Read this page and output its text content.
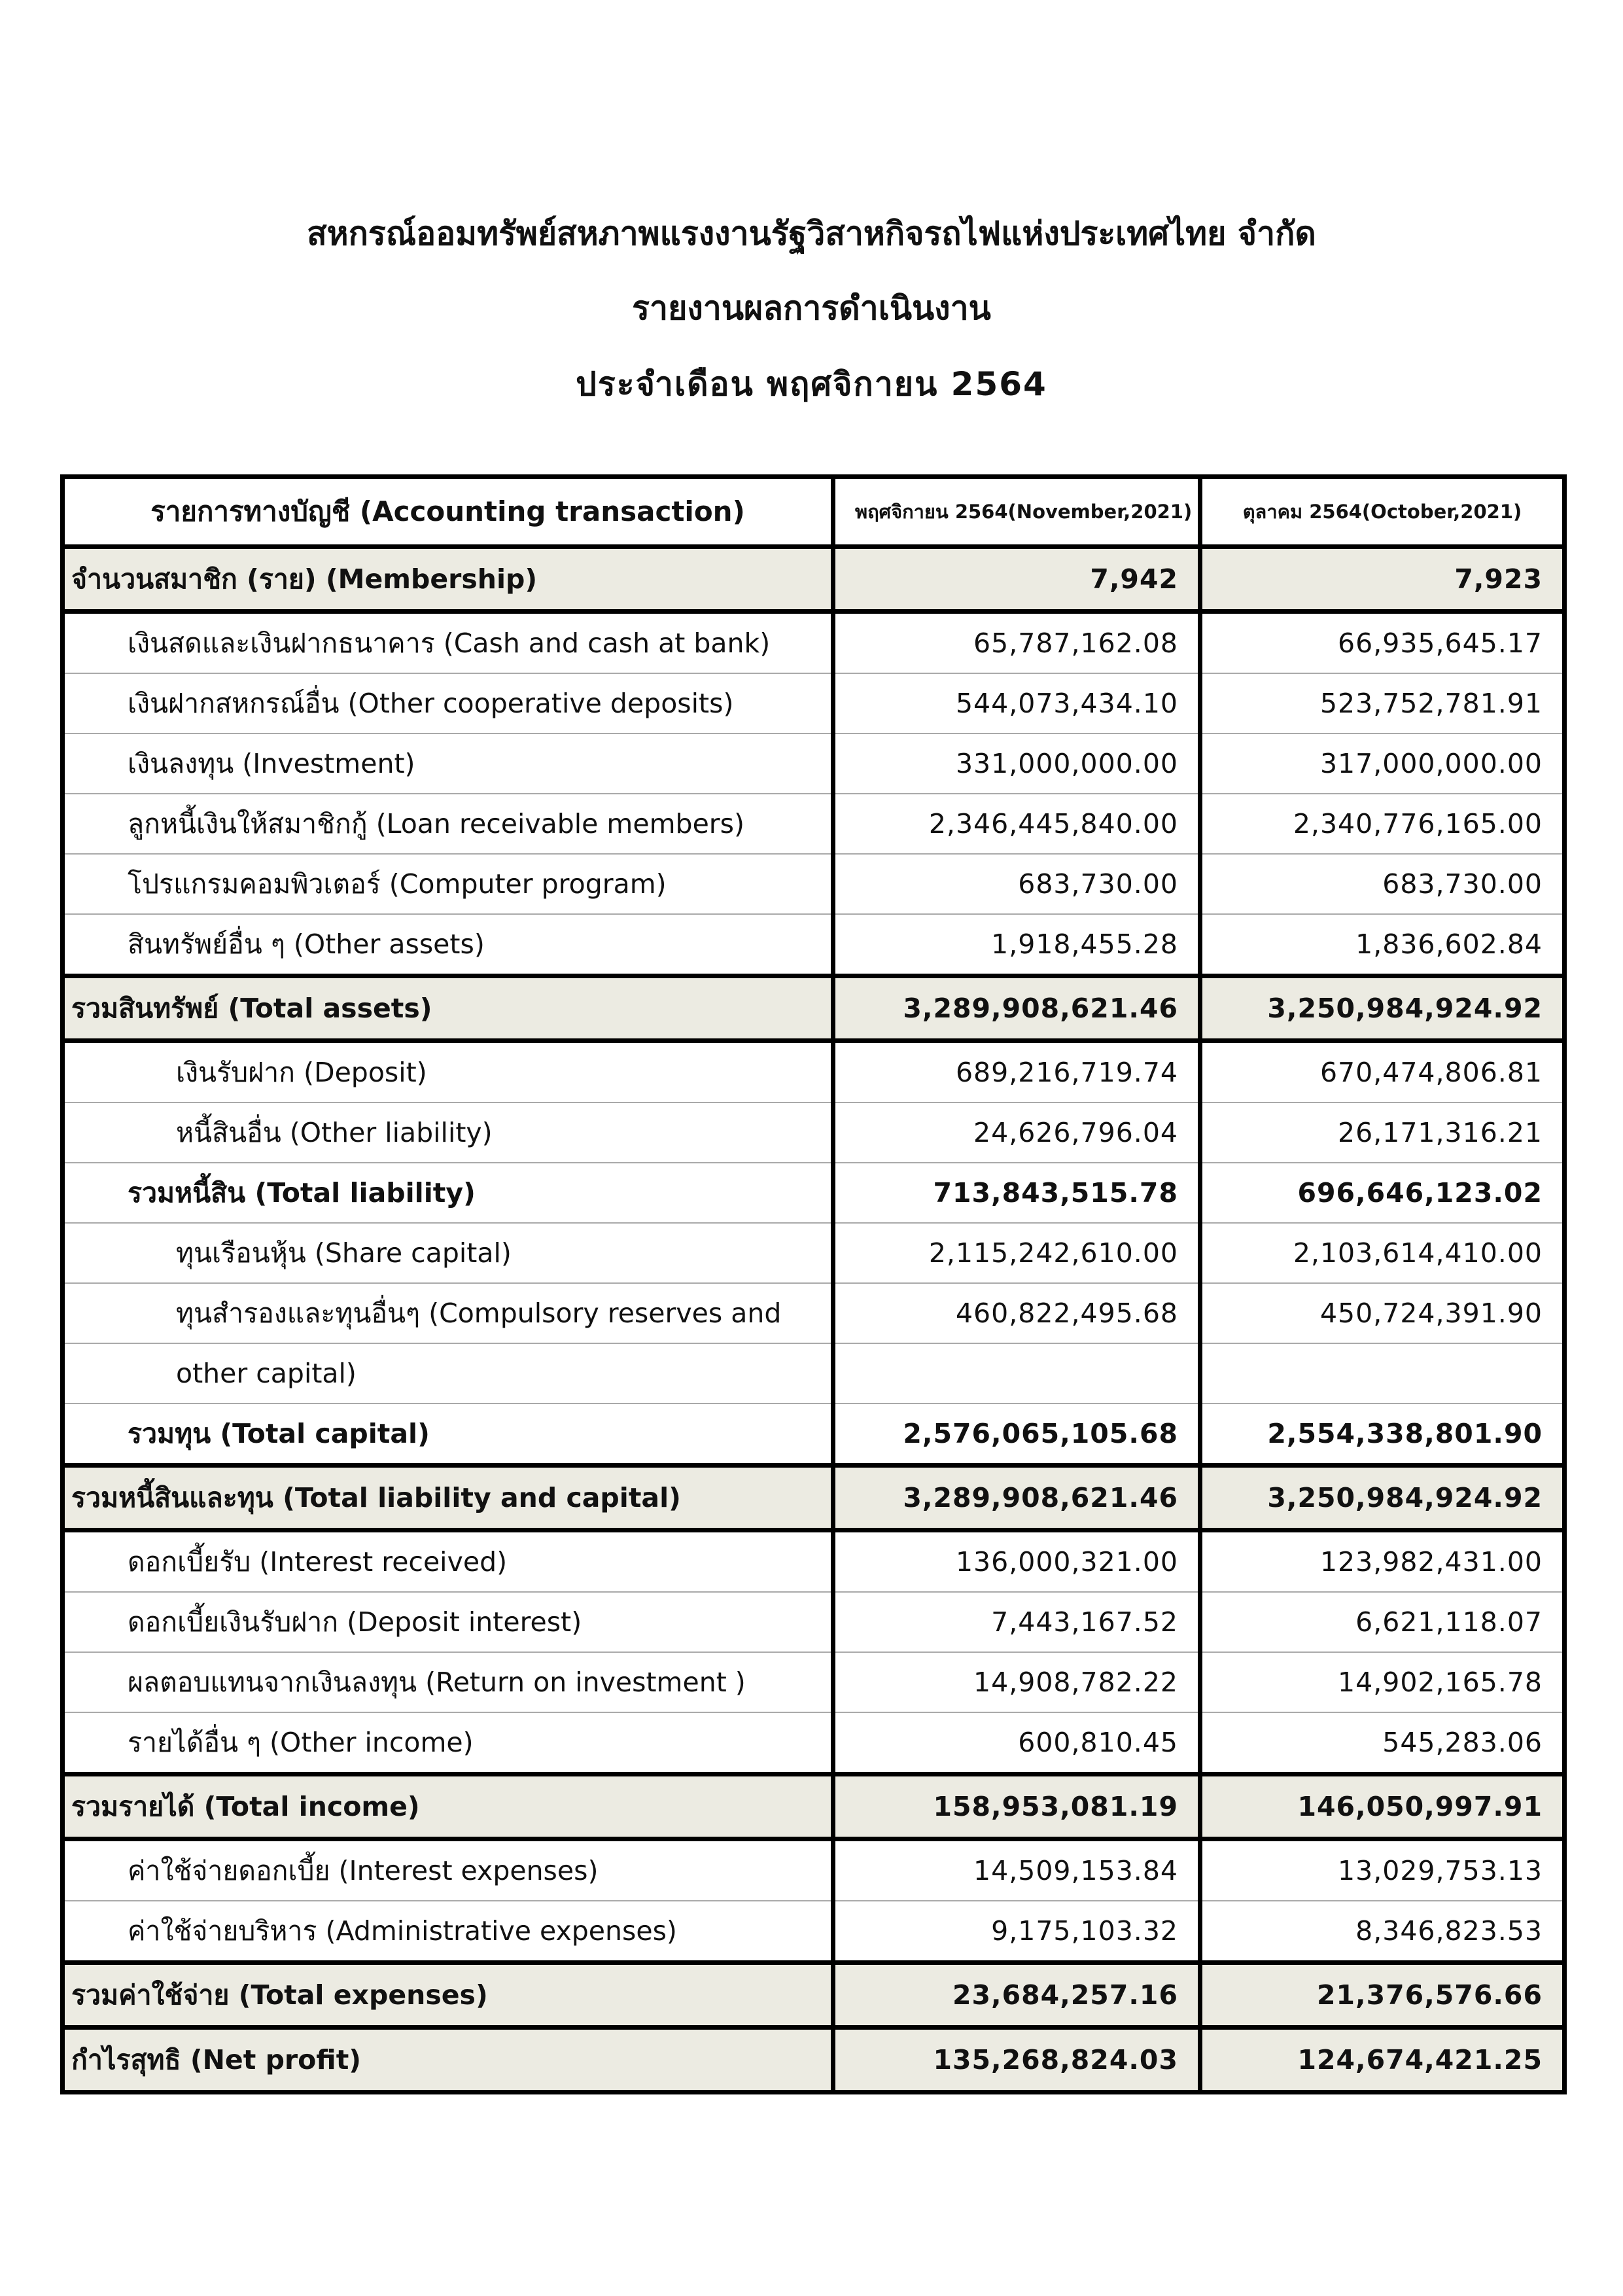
สหกรณ์ออมทรัพย์สหภาพแรงงานรัฐวิสาหกิจรถไฟแห่งประเทศไทย จำกัด
รายงานผลการดำเนินงาน
ประจำเดือน พฤศจิกายน 2564
รายการทางบัญชี (Accounting transaction)	พฤศจิกายน 2564(November,2021)	ตุลาคม 2564(October,2021)
จำนวนสมาชิก (ราย) (Membership)	7,942	7,923
เงินสดและเงินฝากธนาคาร (Cash and cash at bank)	65,787,162.08	66,935,645.17
เงินฝากสหกรณ์อื่น (Other cooperative deposits)	544,073,434.10	523,752,781.91
เงินลงทุน (Investment)	331,000,000.00	317,000,000.00
ลูกหนี้เงินให้สมาชิกกู้ (Loan receivable members)	2,346,445,840.00	2,340,776,165.00
โปรแกรมคอมพิวเตอร์ (Computer program)	683,730.00	683,730.00
สินทรัพย์อื่น ๆ (Other assets)	1,918,455.28	1,836,602.84
รวมสินทรัพย์ (Total assets)	3,289,908,621.46	3,250,984,924.92
เงินรับฝาก (Deposit)	689,216,719.74	670,474,806.81
หนี้สินอื่น (Other liability)	24,626,796.04	26,171,316.21
รวมหนี้สิน (Total liability)	713,843,515.78	696,646,123.02
ทุนเรือนหุ้น (Share capital)	2,115,242,610.00	2,103,614,410.00
ทุนสำรองและทุนอื่นๆ (Compulsory reserves and	460,822,495.68	450,724,391.90
other capital)		
รวมทุน (Total capital)	2,576,065,105.68	2,554,338,801.90
รวมหนี้สินและทุน (Total liability and capital)	3,289,908,621.46	3,250,984,924.92
ดอกเบี้ยรับ (Interest received)	136,000,321.00	123,982,431.00
ดอกเบี้ยเงินรับฝาก (Deposit interest)	7,443,167.52	6,621,118.07
ผลตอบแทนจากเงินลงทุน (Return on investment )	14,908,782.22	14,902,165.78
รายได้อื่น ๆ (Other income)	600,810.45	545,283.06
รวมรายได้ (Total income)	158,953,081.19	146,050,997.91
ค่าใช้จ่ายดอกเบี้ย (Interest expenses)	14,509,153.84	13,029,753.13
ค่าใช้จ่ายบริหาร (Administrative expenses)	9,175,103.32	8,346,823.53
รวมค่าใช้จ่าย (Total expenses)	23,684,257.16	21,376,576.66
กำไรสุทธิ (Net profit)	135,268,824.03	124,674,421.25
